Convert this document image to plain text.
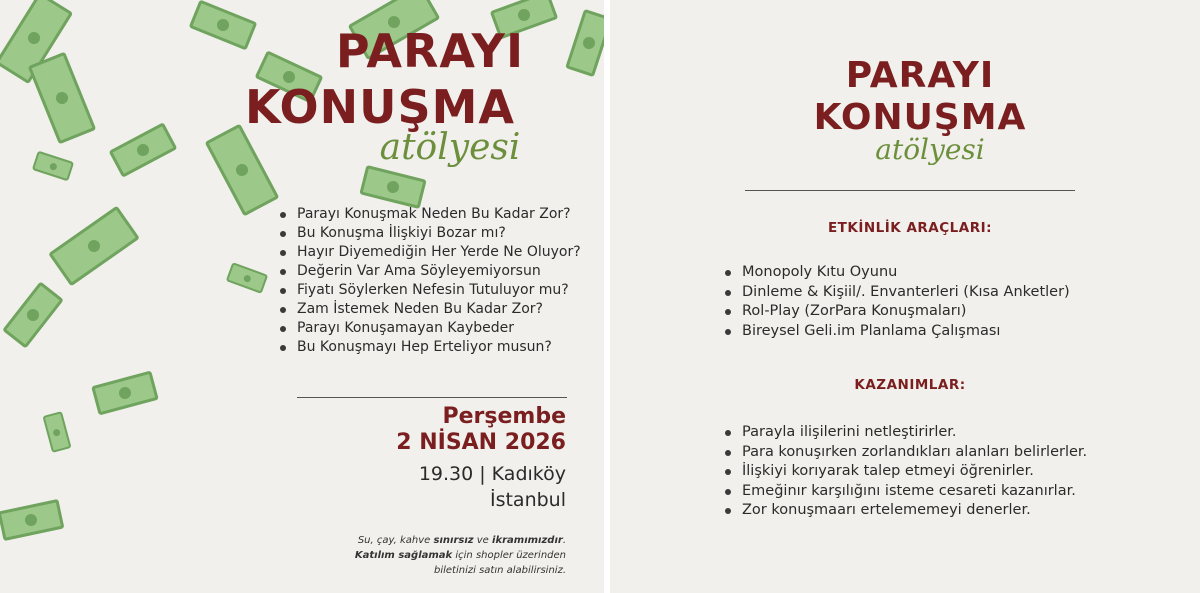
PARAYI
KONUŞMA
atölyesi
Parayı Konuşmak Neden Bu Kadar Zor?
Bu Konuşma İlişkiyi Bozar mı?
Hayır Diyemediğin Her Yerde Ne Oluyor?
Değerin Var Ama Söyleyemiyorsun
Fiyatı Söylerken Nefesin Tutuluyor mu?
Zam İstemek Neden Bu Kadar Zor?
Parayı Konuşamayan Kaybeder
Bu Konuşmayı Hep Erteliyor musun?
Perşembe
2 NİSAN 2026
19.30 | Kadıköy
İstanbul
Su, çay, kahve sınırsız ve ikramımızdır.
Katılım sağlamak için shopler üzerinden
biletinizi satın alabilirsiniz.
PARAYI
KONUŞMA
atölyesi
ETKİNLİK ARAÇLARI:
Monopoly Kıtu Oyunu
Dinleme & Kişiil/. Envanterleri (Kısa Anketler)
Rol-Play (ZorPara Konuşmaları)
Bireysel Geli.im Planlama Çalışması
KAZANIMLAR:
Parayla ilişilerini netleştirirler.
Para konuşırken zorlandıkları alanları belirlerler.
İlişkiyi korıyarak talep etmeyi öğrenirler.
Emeğinır karşılığını isteme cesareti kazanırlar.
Zor konuşmaarı ertelememeyi denerler.
